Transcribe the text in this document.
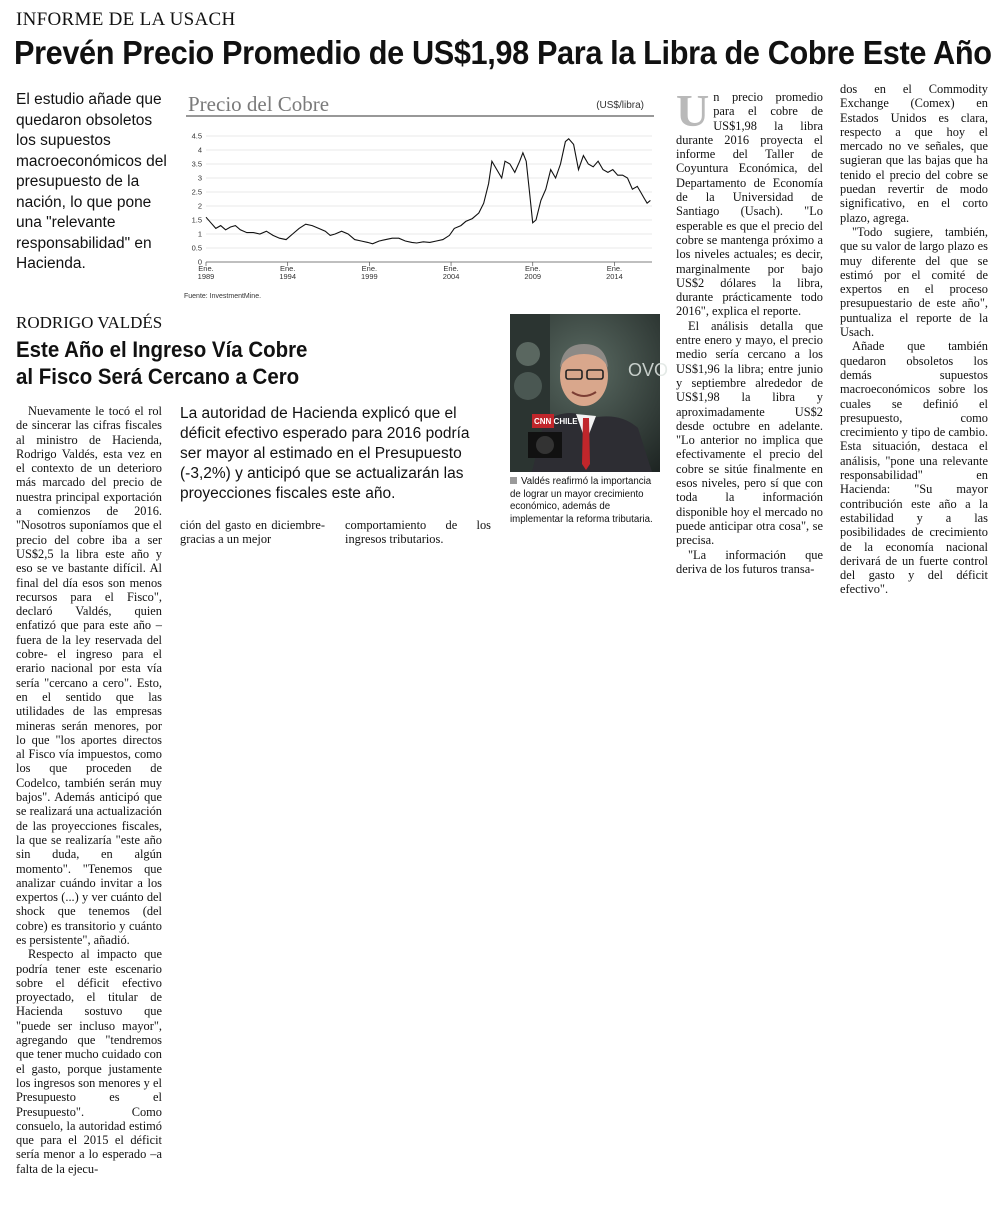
INFORME DE LA USACH
Prevén Precio Promedio de US$1,98 Para la Libra de Cobre Este Año
El estudio añade que quedaron obsoletos los supuestos macroeconómicos del presupuesto de la nación, lo que pone una "relevante responsabilidad" en Hacienda.
Precio del Cobre	(US$/libra)
0
0.5
1
1.5
2
2.5
3
3.5
4
4.5
Ene. 1989
Ene. 1994
Ene. 1999
Ene. 2004
Ene. 2009
Ene. 2014
Fuente: InvestmentMine.
RODRIGO VALDÉS
Este Año el Ingreso Vía Cobre
al Fisco Será Cercano a Cero

Nuevamente le tocó el rol de sincerar las cifras fiscales al ministro de Hacienda, Rodrigo Valdés, esta vez en el contexto de un deterioro más marcado del precio de nuestra principal exportación a comienzos de 2016. "Nosotros suponíamos que el precio del cobre iba a ser US$2,5 la libra este año y eso se ve bastante difícil. Al final del día esos son menos recursos para el Fisco", declaró Valdés, quien enfatizó que para este año –fuera de la ley reservada del cobre- el ingreso para el erario nacional por esta vía sería "cercano a cero". Esto, en el sentido que las utilidades de las empresas mineras serán menores, por lo que "los aportes directos al Fisco vía impuestos, como los que proceden de Codelco, también serán muy bajos". Además anticipó que se realizará una actualización de las proyecciones fiscales, la que se realizaría "este año sin duda, en algún momento". "Tenemos que analizar cuándo invitar a los expertos (...) y ver cuánto del shock que tenemos (del cobre) es transitorio y cuánto es persistente", añadió.

Respecto al impacto que podría tener este escenario sobre el déficit efectivo proyectado, el titular de Hacienda sostuvo que "puede ser incluso mayor", agregando que "tendremos que tener mucho cuidado con el gasto, porque justamente los ingresos son menores y el Presupuesto es el Presupuesto". Como consuelo, la autoridad estimó que para el 2015 el déficit sería menor a lo esperado –a falta de la ejecu-

La autoridad de Hacienda explicó que el déficit efectivo esperado para 2016 podría ser mayor al estimado en el Presupuesto (-3,2%) y anticipó que se actualizarán las proyecciones fiscales este año.

ción del gasto en diciembre- gracias a un mejor

comportamiento de los ingresos tributarios.

OVO
CNN CHILE
Valdés reafirmó la importancia de lograr un mayor crecimiento económico, además de implementar la reforma tributaria.

Un precio promedio para el cobre de US$1,98 la libra durante 2016 proyecta el informe del Taller de Coyuntura Económica, del Departamento de Economía de la Universidad de Santiago (Usach). "Lo esperable es que el precio del cobre se mantenga próximo a los niveles actuales; es decir, marginalmente por bajo US$2 dólares la libra, durante prácticamente todo 2016", explica el reporte.

El análisis detalla que entre enero y mayo, el precio medio sería cercano a los US$1,96 la libra; entre junio y septiembre alrededor de US$1,98 la libra y aproximadamente US$2 desde octubre en adelante. "Lo anterior no implica que efectivamente el precio del cobre se sitúe finalmente en esos niveles, pero sí que con toda la información disponible hoy el mercado no puede anticipar otra cosa", se precisa.

"La información que deriva de los futuros transa-

dos en el Commodity Exchange (Comex) en Estados Unidos es clara, respecto a que hoy el mercado no ve señales, que sugieran que las bajas que ha tenido el precio del cobre se puedan revertir de modo significativo, en el corto plazo, agrega.

"Todo sugiere, también, que su valor de largo plazo es muy diferente del que se estimó por el comité de expertos en el proceso presupuestario de este año", puntualiza el reporte de la Usach.

Añade que también quedaron obsoletos los demás supuestos macroeconómicos sobre los cuales se definió el presupuesto, como crecimiento y tipo de cambio. Esta situación, destaca el análisis, "pone una relevante responsabilidad" en Hacienda: "Su mayor contribución este año a la estabilidad y a las posibilidades de crecimiento de la economía nacional derivará de un fuerte control del gasto y del déficit efectivo".
